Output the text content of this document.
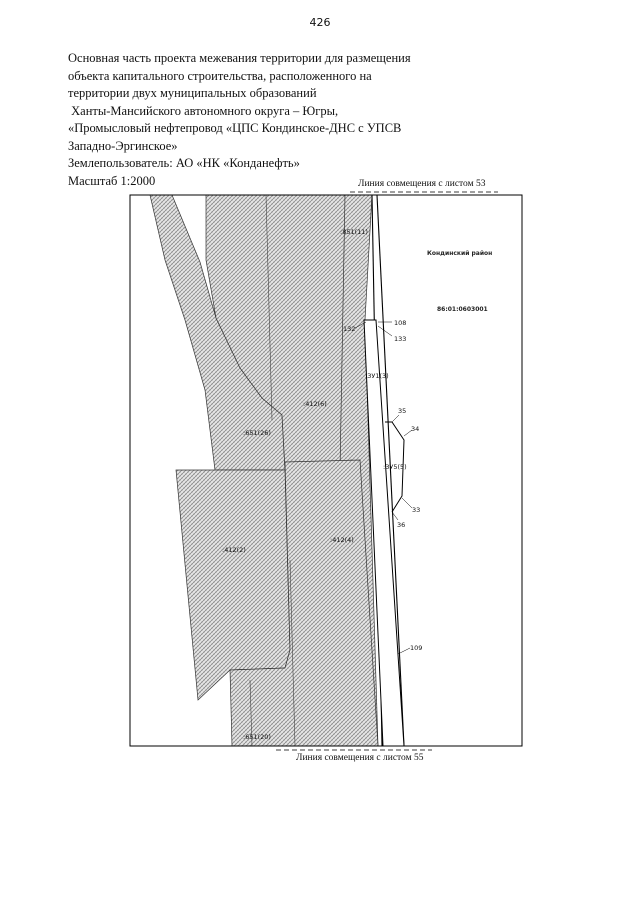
426
Основная часть проекта межевания территории для размещения
объекта капитального строительства, расположенного на
территории двух муниципальных образований
Ханты-Мансийского автономного округа – Югры,
«Промысловый нефтепровод «ЦПС Кондинское-ДНС с УПСВ
Западно-Эргинское»
Землепользователь: АО «НК «Конданефть»
Масштаб 1:2000	Линия совмещения с листом 53
Линия совмещения с листом 55
:851(11)
:412(6)
:651(26)
:412(2)
:412(4)
:651(20)
:ЗУ1(3)
:ЗУ5(5)
132
108
133
35
34
33
36
109
Кондинский район
86:01:0603001
